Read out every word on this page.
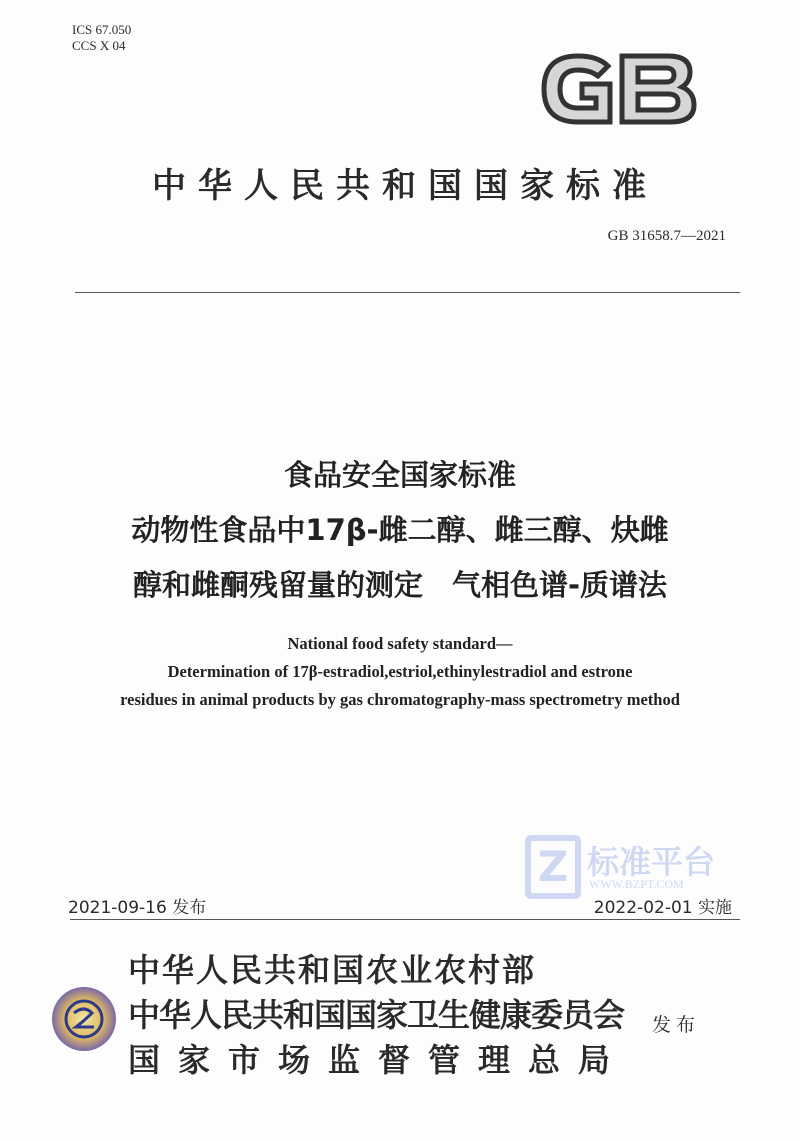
ICS 67.050
CCS X 04
中华人民共和国国家标准
GB 31658.7—2021
食品安全国家标准
动物性食品中17β-雌二醇、雌三醇、炔雌
醇和雌酮残留量的测定　气相色谱-质谱法
National food safety standard—
Determination of 17β-estradiol,estriol,ethinylestradiol and estrone
residues in animal products by gas chromatography-mass spectrometry method
Z 标准平台
WWW.BZPT.COM
2021-09-16 发布	2022-02-01 实施
中华人民共和国农业农村部
中华人民共和国国家卫生健康委员会
国家市场监督管理总局
发布
